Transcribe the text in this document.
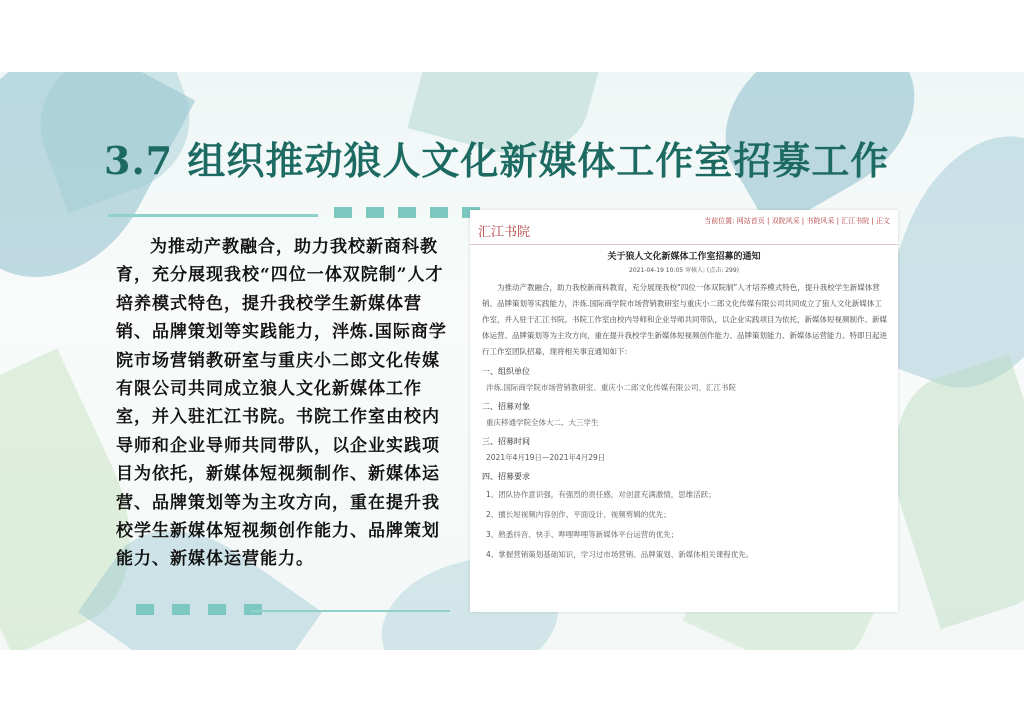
3.7 组织推动狼人文化新媒体工作室招募工作

为推动产教融合，助力我校新商科教育，充分展现我校“四位一体双院制”人才培养模式特色，提升我校学生新媒体营销、品牌策划等实践能力，泮炼.国际商学院市场营销教研室与重庆小二郎文化传媒有限公司共同成立狼人文化新媒体工作室，并入驻汇江书院。书院工作室由校内导师和企业导师共同带队，以企业实践项目为依托，新媒体短视频制作、新媒体运营、品牌策划等为主攻方向，重在提升我校学生新媒体短视频创作能力、品牌策划能力、新媒体运营能力。

汇江书院
当前位置: 网站首页 | 双院风采 | 书院风采 | 汇江书院 | 正文
关于狼人文化新媒体工作室招募的通知
2021-04-19 10:05 审核人: (点击: 299)

为推动产教融合，助力我校新商科教育，充分展现我校“四位一体双院制”人才培养模式特色，提升我校学生新媒体营销、品牌策划等实践能力，泮炼.国际商学院市场营销教研室与重庆小二郎文化传媒有限公司共同成立了狼人文化新媒体工作室，并入驻于汇江书院。书院工作室由校内导师和企业导师共同带队，以企业实践项目为依托，新媒体短视频制作、新媒体运营、品牌策划等为主攻方向，重在提升我校学生新媒体短视频创作能力、品牌策划能力、新媒体运营能力。特即日起进行工作室团队招募，现将相关事宜通知如下：

一、组织单位
泮炼.国际商学院市场营销教研室、重庆小二郎文化传媒有限公司、汇江书院
二、招募对象
重庆移通学院全体大二、大三学生
三、招募时间
2021年4月19日—2021年4月29日
四、招募要求
1、团队协作意识强，有强烈的责任感，对创意充满激情，思维活跃；
2、擅长短视频内容创作、平面设计、视频剪辑的优先；
3、熟悉抖音、快手、哔哩哔哩等新媒体平台运营的优先；
4、掌握营销策划基础知识，学习过市场营销、品牌策划、新媒体相关课程优先。
